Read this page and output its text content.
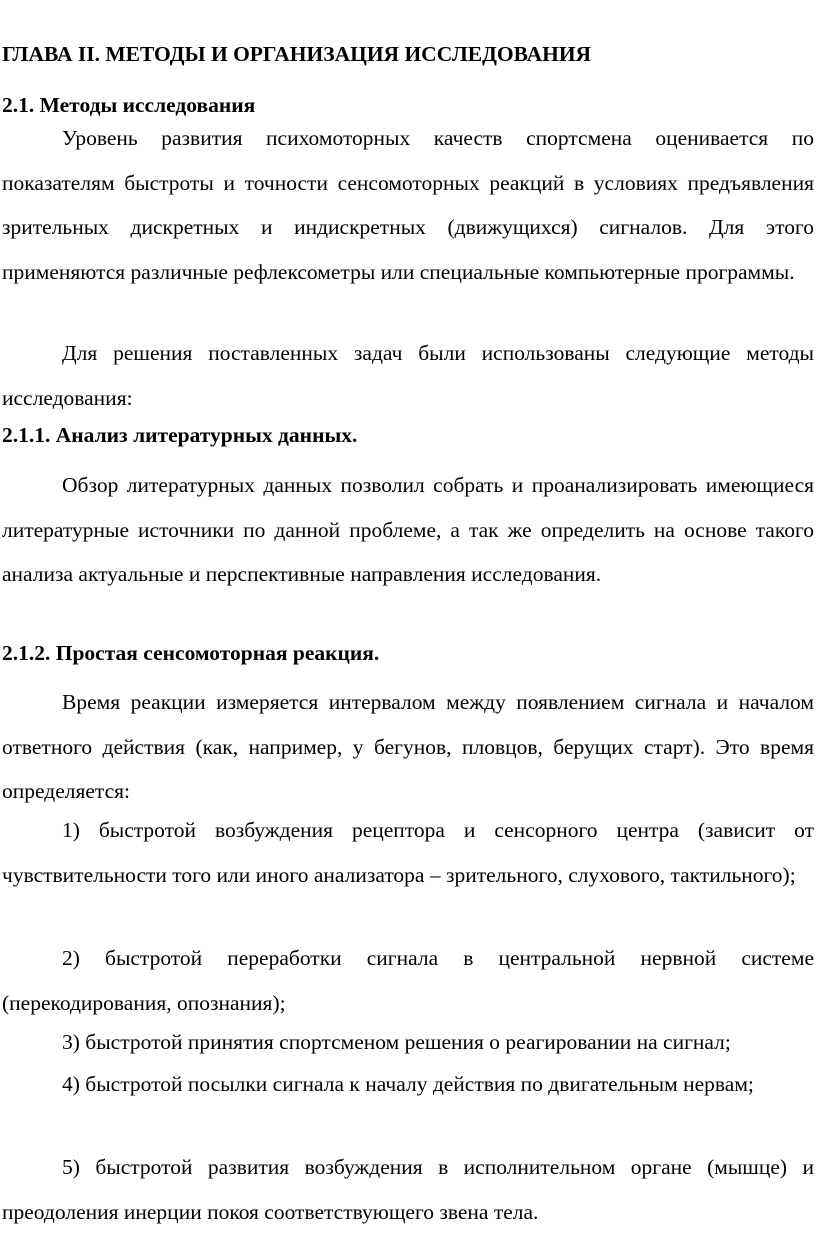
ГЛАВА II. МЕТОДЫ И ОРГАНИЗАЦИЯ ИССЛЕДОВАНИЯ
2.1. Методы исследования
Уровень развития психомоторных качеств спортсмена оценивается по показателям быстроты и точности сенсомоторных реакций в условиях предъявления зрительных дискретных и индискретных (движущихся) сигналов. Для этого применяются различные рефлексометры или специальные компьютерные программы.
Для решения поставленных задач были использованы следующие методы исследования:
2.1.1. Анализ литературных данных.
Обзор литературных данных позволил собрать и проанализировать имеющиеся литературные источники по данной проблеме, а так же определить на основе такого анализа актуальные и перспективные направления исследования.
2.1.2. Простая сенсомоторная реакция.
Время реакции измеряется интервалом между появлением сигнала и началом ответного действия (как, например, у бегунов, пловцов, берущих старт). Это время определяется:
1) быстротой возбуждения рецептора и сенсорного центра (зависит от чувствительности того или иного анализатора – зрительного, слухового, тактильного);
2) быстротой переработки сигнала в центральной нервной системе (перекодирования, опознания);
3) быстротой принятия спортсменом решения о реагировании на сигнал;
4) быстротой посылки сигнала к началу действия по двигательным нервам;
5) быстротой развития возбуждения в исполнительном органе (мышце) и преодоления инерции покоя соответствующего звена тела.
